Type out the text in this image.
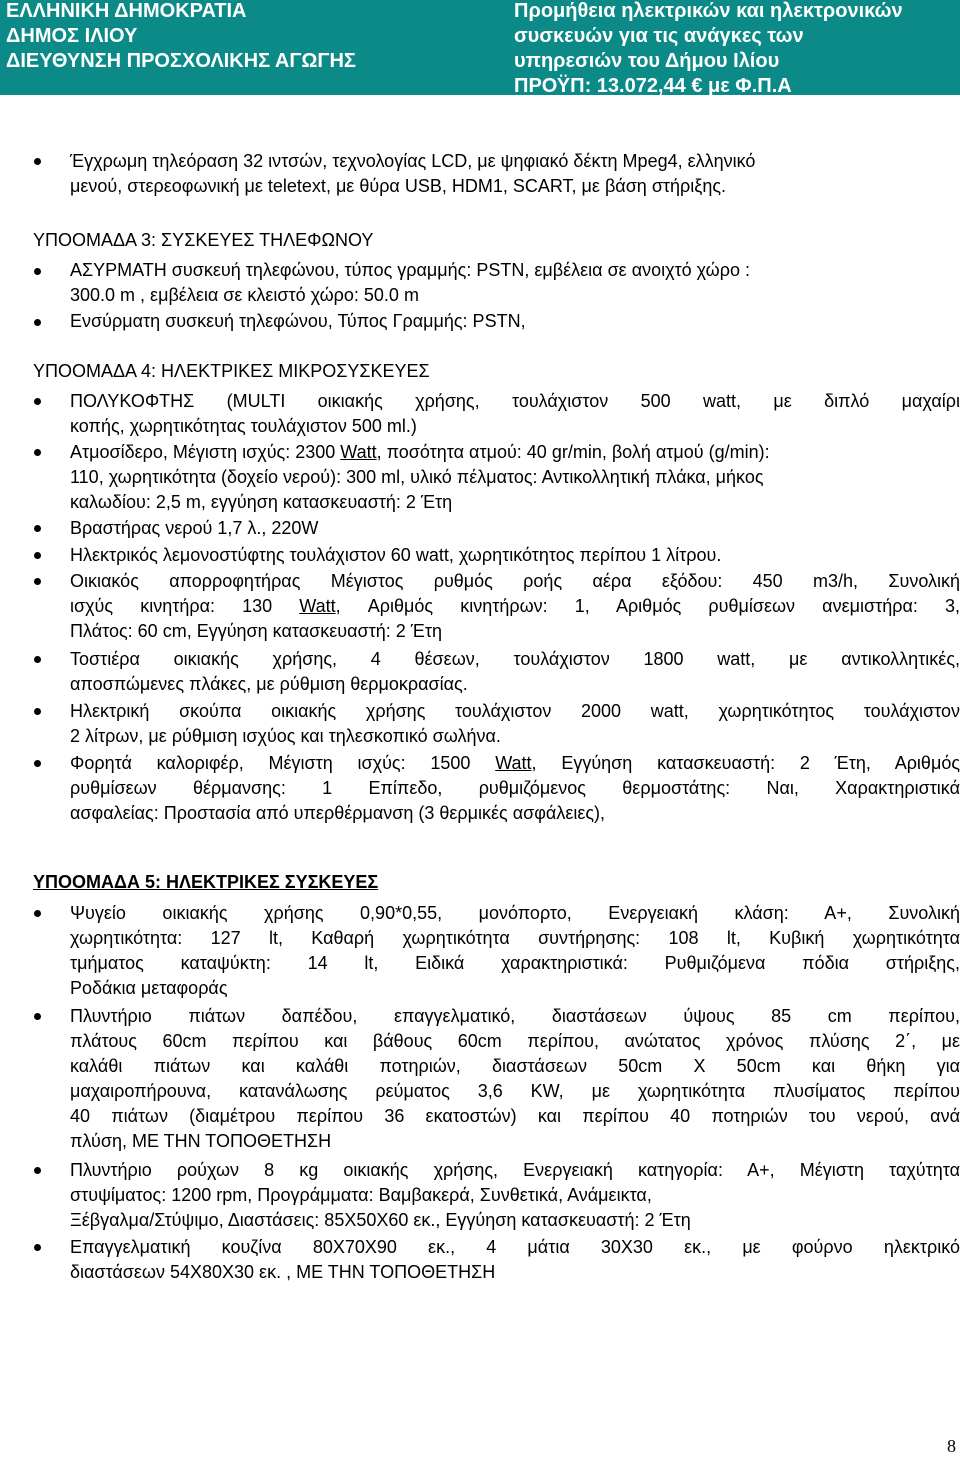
ΕΛΛΗΝΙΚΗ ΔΗΜΟΚΡΑΤΙΑ
ΔΗΜΟΣ ΙΛΙΟΥ
ΔΙΕΥΘΥΝΣΗ ΠΡΟΣΧΟΛΙΚΗΣ ΑΓΩΓΗΣ
Προμήθεια ηλεκτρικών και ηλεκτρονικών
συσκευών για τις ανάγκες των
υπηρεσιών του Δήμου Ιλίου
ΠΡΟΫΠ: 13.072,44 € με Φ.Π.Α
Έγχρωμη τηλεόραση 32 ιντσών, τεχνολογίας LCD, με ψηφιακό δέκτη Mpeg4, ελληνικό
μενού, στερεοφωνική με teletext, με θύρα USB, HDM1, SCART, με βάση στήριξης.
ΥΠΟΟΜΑΔΑ 3: ΣΥΣΚΕΥΕΣ ΤΗΛΕΦΩΝΟΥ
ΑΣΥΡΜΑΤΗ συσκευή τηλεφώνου, τύπος γραμμής: PSTN, εμβέλεια σε ανοιχτό χώρο :
300.0 m , εμβέλεια σε κλειστό χώρο: 50.0 m
Ενσύρματη συσκευή τηλεφώνου, Τύπος Γραμμής: PSTN,
ΥΠΟΟΜΑΔΑ 4: ΗΛΕΚΤΡΙΚΕΣ ΜΙΚΡΟΣΥΣΚΕΥΕΣ
ΠΟΛΥΚΟΦΤΗΣ (MULTI οικιακής χρήσης, τουλάχιστον 500 watt, με διπλό μαχαίρι
κοπής, χωρητικότητας τουλάχιστον 500 ml.)
Ατμοσίδερο, Μέγιστη ισχύς: 2300 Watt, ποσότητα ατμού: 40 gr/min, βολή ατμού (g/min):
110, χωρητικότητα (δοχείο νερού): 300 ml, υλικό πέλματος: Αντικολλητική πλάκα, μήκος
καλωδίου: 2,5 m, εγγύηση κατασκευαστή: 2 Έτη
Βραστήρας νερού 1,7 λ., 220W
Ηλεκτρικός λεμονοστύφτης τουλάχιστον 60 watt, χωρητικότητος περίπου 1 λίτρου.
Οικιακός απορροφητήρας Μέγιστος ρυθμός ροής αέρα εξόδου: 450 m3/h, Συνολική
ισχύς κινητήρα: 130 Watt, Αριθμός κινητήρων: 1, Αριθμός ρυθμίσεων ανεμιστήρα: 3,
Πλάτος: 60 cm, Εγγύηση κατασκευαστή: 2 Έτη
Τοστιέρα οικιακής χρήσης, 4 θέσεων, τουλάχιστον 1800 watt, με αντικολλητικές,
αποσπώμενες πλάκες, με ρύθμιση θερμοκρασίας.
Ηλεκτρική σκούπα οικιακής χρήσης τουλάχιστον 2000 watt, χωρητικότητος τουλάχιστον
2 λίτρων, με ρύθμιση ισχύος και τηλεσκοπικό σωλήνα.
Φορητά καλοριφέρ, Μέγιστη ισχύς: 1500 Watt, Εγγύηση κατασκευαστή: 2 Έτη, Αριθμός
ρυθμίσεων θέρμανσης: 1 Επίπεδο, ρυθμιζόμενος θερμοστάτης: Ναι, Χαρακτηριστικά
ασφαλείας: Προστασία από υπερθέρμανση (3 θερμικές ασφάλειες),
ΥΠΟΟΜΑΔΑ 5: ΗΛΕΚΤΡΙΚΕΣ ΣΥΣΚΕΥΕΣ
Ψυγείο οικιακής χρήσης 0,90*0,55, μονόπορτο, Ενεργειακή κλάση: Α+, Συνολική
χωρητικότητα: 127 lt, Καθαρή χωρητικότητα συντήρησης: 108 lt, Κυβική χωρητικότητα
τμήματος καταψύκτη: 14 lt, Ειδικά χαρακτηριστικά: Ρυθμιζόμενα πόδια στήριξης,
Ροδάκια μεταφοράς
Πλυντήριο πιάτων δαπέδου, επαγγελματικό, διαστάσεων ύψους 85 cm περίπου,
πλάτους 60cm περίπου και βάθους 60cm περίπου, ανώτατος χρόνος πλύσης 2΄, με
καλάθι πιάτων και καλάθι ποτηριών, διαστάσεων 50cm Χ 50cm και θήκη για
μαχαιροπήρουνα, κατανάλωσης ρεύματος 3,6 KW, με χωρητικότητα πλυσίματος περίπου
40 πιάτων (διαμέτρου περίπου 36 εκατοστών) και περίπου 40 ποτηριών του νερού, ανά
πλύση, ΜΕ ΤΗΝ ΤΟΠΟΘΕΤΗΣΗ
Πλυντήριο ρούχων 8 κg οικιακής χρήσης, Ενεργειακή κατηγορία: Α+, Μέγιστη ταχύτητα
στυψίματος: 1200 rpm, Προγράμματα: Βαμβακερά, Συνθετικά, Ανάμεικτα,
Ξέβγαλμα/Στύψιμο, Διαστάσεις: 85Χ50Χ60 εκ., Εγγύηση κατασκευαστή: 2 Έτη
Επαγγελματική κουζίνα 80Χ70Χ90 εκ., 4 μάτια 30Χ30 εκ., με φούρνο ηλεκτρικό
διαστάσεων 54Χ80Χ30 εκ. , ΜΕ ΤΗΝ ΤΟΠΟΘΕΤΗΣΗ
8
